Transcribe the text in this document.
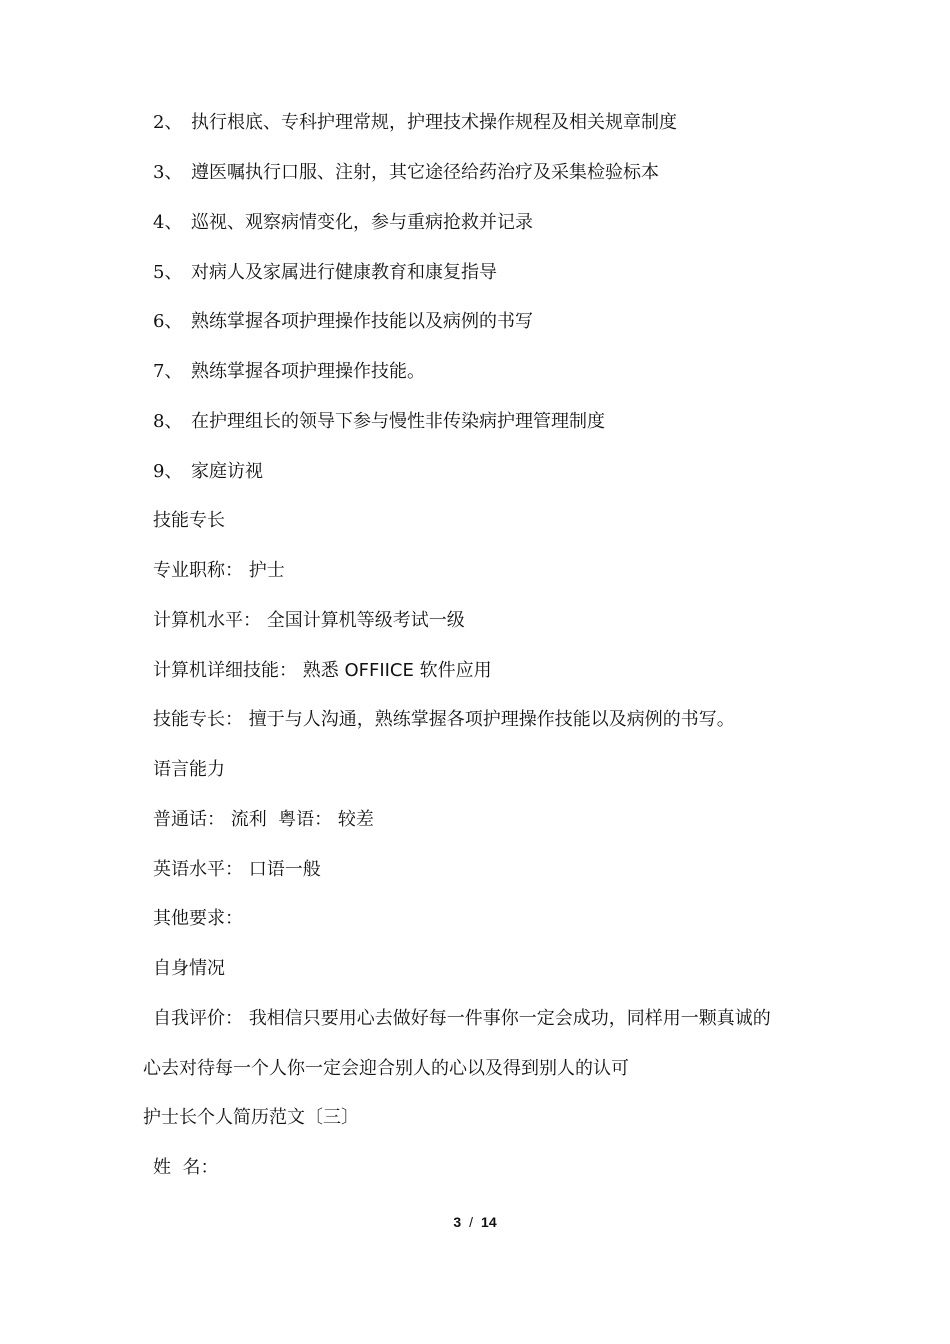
2、 执行根底、专科护理常规，护理技术操作规程及相关规章制度
3、 遵医嘱执行口服、注射，其它途径给药治疗及采集检验标本
4、 巡视、观察病情变化，参与重病抢救并记录
5、 对病人及家属进行健康教育和康复指导
6、 熟练掌握各项护理操作技能以及病例的书写
7、 熟练掌握各项护理操作技能。
8、 在护理组长的领导下参与慢性非传染病护理管理制度
9、 家庭访视
技能专长
专业职称： 护士
计算机水平： 全国计算机等级考试一级
计算机详细技能： 熟悉 OFFIICE 软件应用
技能专长： 擅于与人沟通，熟练掌握各项护理操作技能以及病例的书写。
语言能力
普通话： 流利  粤语： 较差
英语水平： 口语一般
其他要求：
自身情况
自我评价： 我相信只要用心去做好每一件事你一定会成功，同样用一颗真诚的
心去对待每一个人你一定会迎合别人的心以及得到别人的认可
护士长个人简历范文〔三〕
姓  名：
3 / 14
